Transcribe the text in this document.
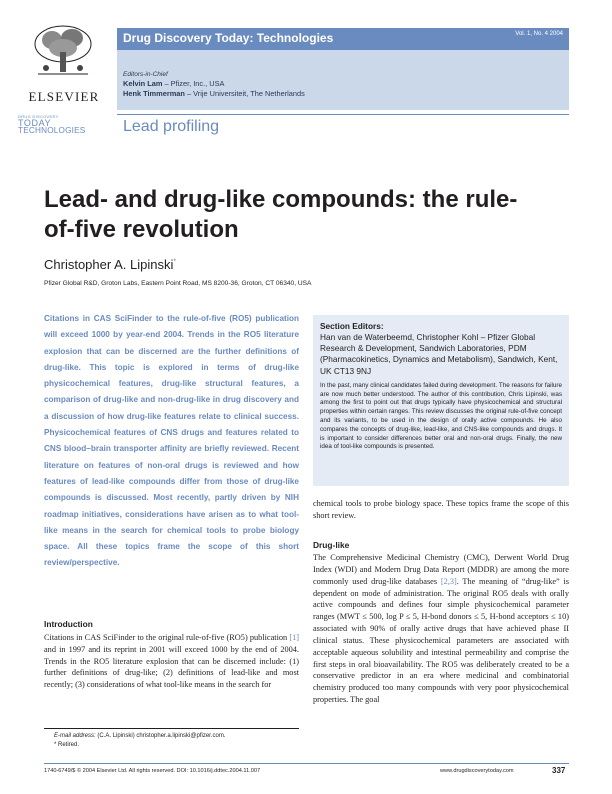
ELSEVIER
Drug Discovery Today: Technologies	Vol. 1, No. 4 2004
Editors-in-Chief
Kelvin Lam – Pfizer, Inc., USA
Henk Timmerman – Vrije Universiteit, The Netherlands
DRUG DISCOVERY
TODAY
TECHNOLOGIES	Lead profiling
Lead- and drug-like compounds: the rule-of-five revolution
Christopher A. Lipinski*
Pfizer Global R&D, Groton Labs, Eastern Point Road, MS 8200-36, Groton, CT 06340, USA
Citations in CAS SciFinder to the rule-of-five (RO5) publication will exceed 1000 by year-end 2004. Trends in the RO5 literature explosion that can be discerned are the further definitions of drug-like. This topic is explored in terms of drug-like physicochemical features, drug-like structural features, a comparison of drug-like and non-drug-like in drug discovery and a discussion of how drug-like features relate to clinical success. Physicochemical features of CNS drugs and features related to CNS blood–brain transporter affinity are briefly reviewed. Recent literature on features of non-oral drugs is reviewed and how features of lead-like compounds differ from those of drug-like compounds is discussed. Most recently, partly driven by NIH roadmap initiatives, considerations have arisen as to what tool-like means in the search for chemical tools to probe biology space. All these topics frame the scope of this short review/perspective.
Section Editors:
Han van de Waterbeemd, Christopher Kohl – Pfizer Global Research & Development, Sandwich Laboratories, PDM (Pharmacokinetics, Dynamics and Metabolism), Sandwich, Kent, UK CT13 9NJ
In the past, many clinical candidates failed during development. The reasons for failure are now much better understood. The author of this contribution, Chris Lipinski, was among the first to point out that drugs typically have physicochemical and structural properties within certain ranges. This review discusses the original rule-of-five concept and its variants, to be used in the design of orally active compounds. He also compares the concepts of drug-like, lead-like, and CNS-like compounds and drugs. It is important to consider differences better oral and non-oral drugs. Finally, the new idea of tool-like compounds is presented.
Introduction
Citations in CAS SciFinder to the original rule-of-five (RO5) publication [1] and in 1997 and its reprint in 2001 will exceed 1000 by the end of 2004. Trends in the RO5 literature explosion that can be discerned include: (1) further definitions of drug-like; (2) definitions of lead-like and most recently; (3) considerations of what tool-like means in the search for
E-mail address: (C.A. Lipinski) christopher.a.lipinski@pfizer.com.
* Retired.
chemical tools to probe biology space. These topics frame the scope of this short review.
Drug-like
The Comprehensive Medicinal Chemistry (CMC), Derwent World Drug Index (WDI) and Modern Drug Data Report (MDDR) are among the more commonly used drug-like databases [2,3]. The meaning of “drug-like” is dependent on mode of administration. The original RO5 deals with orally active compounds and defines four simple physicochemical parameter ranges (MWT ≤ 500, log P ≤ 5, H-bond donors ≤ 5, H-bond acceptors ≤ 10) associated with 90% of orally active drugs that have achieved phase II clinical status. These physicochemical parameters are associated with acceptable aqueous solubility and intestinal permeability and comprise the first steps in oral bioavailability. The RO5 was deliberately created to be a conservative predictor in an era where medicinal and combinatorial chemistry produced too many compounds with very poor physicochemical properties. The goal
1740-6749/$ © 2004 Elsevier Ltd. All rights reserved. DOI: 10.1016/j.ddtec.2004.11.007	www.drugdiscoverytoday.com	337
